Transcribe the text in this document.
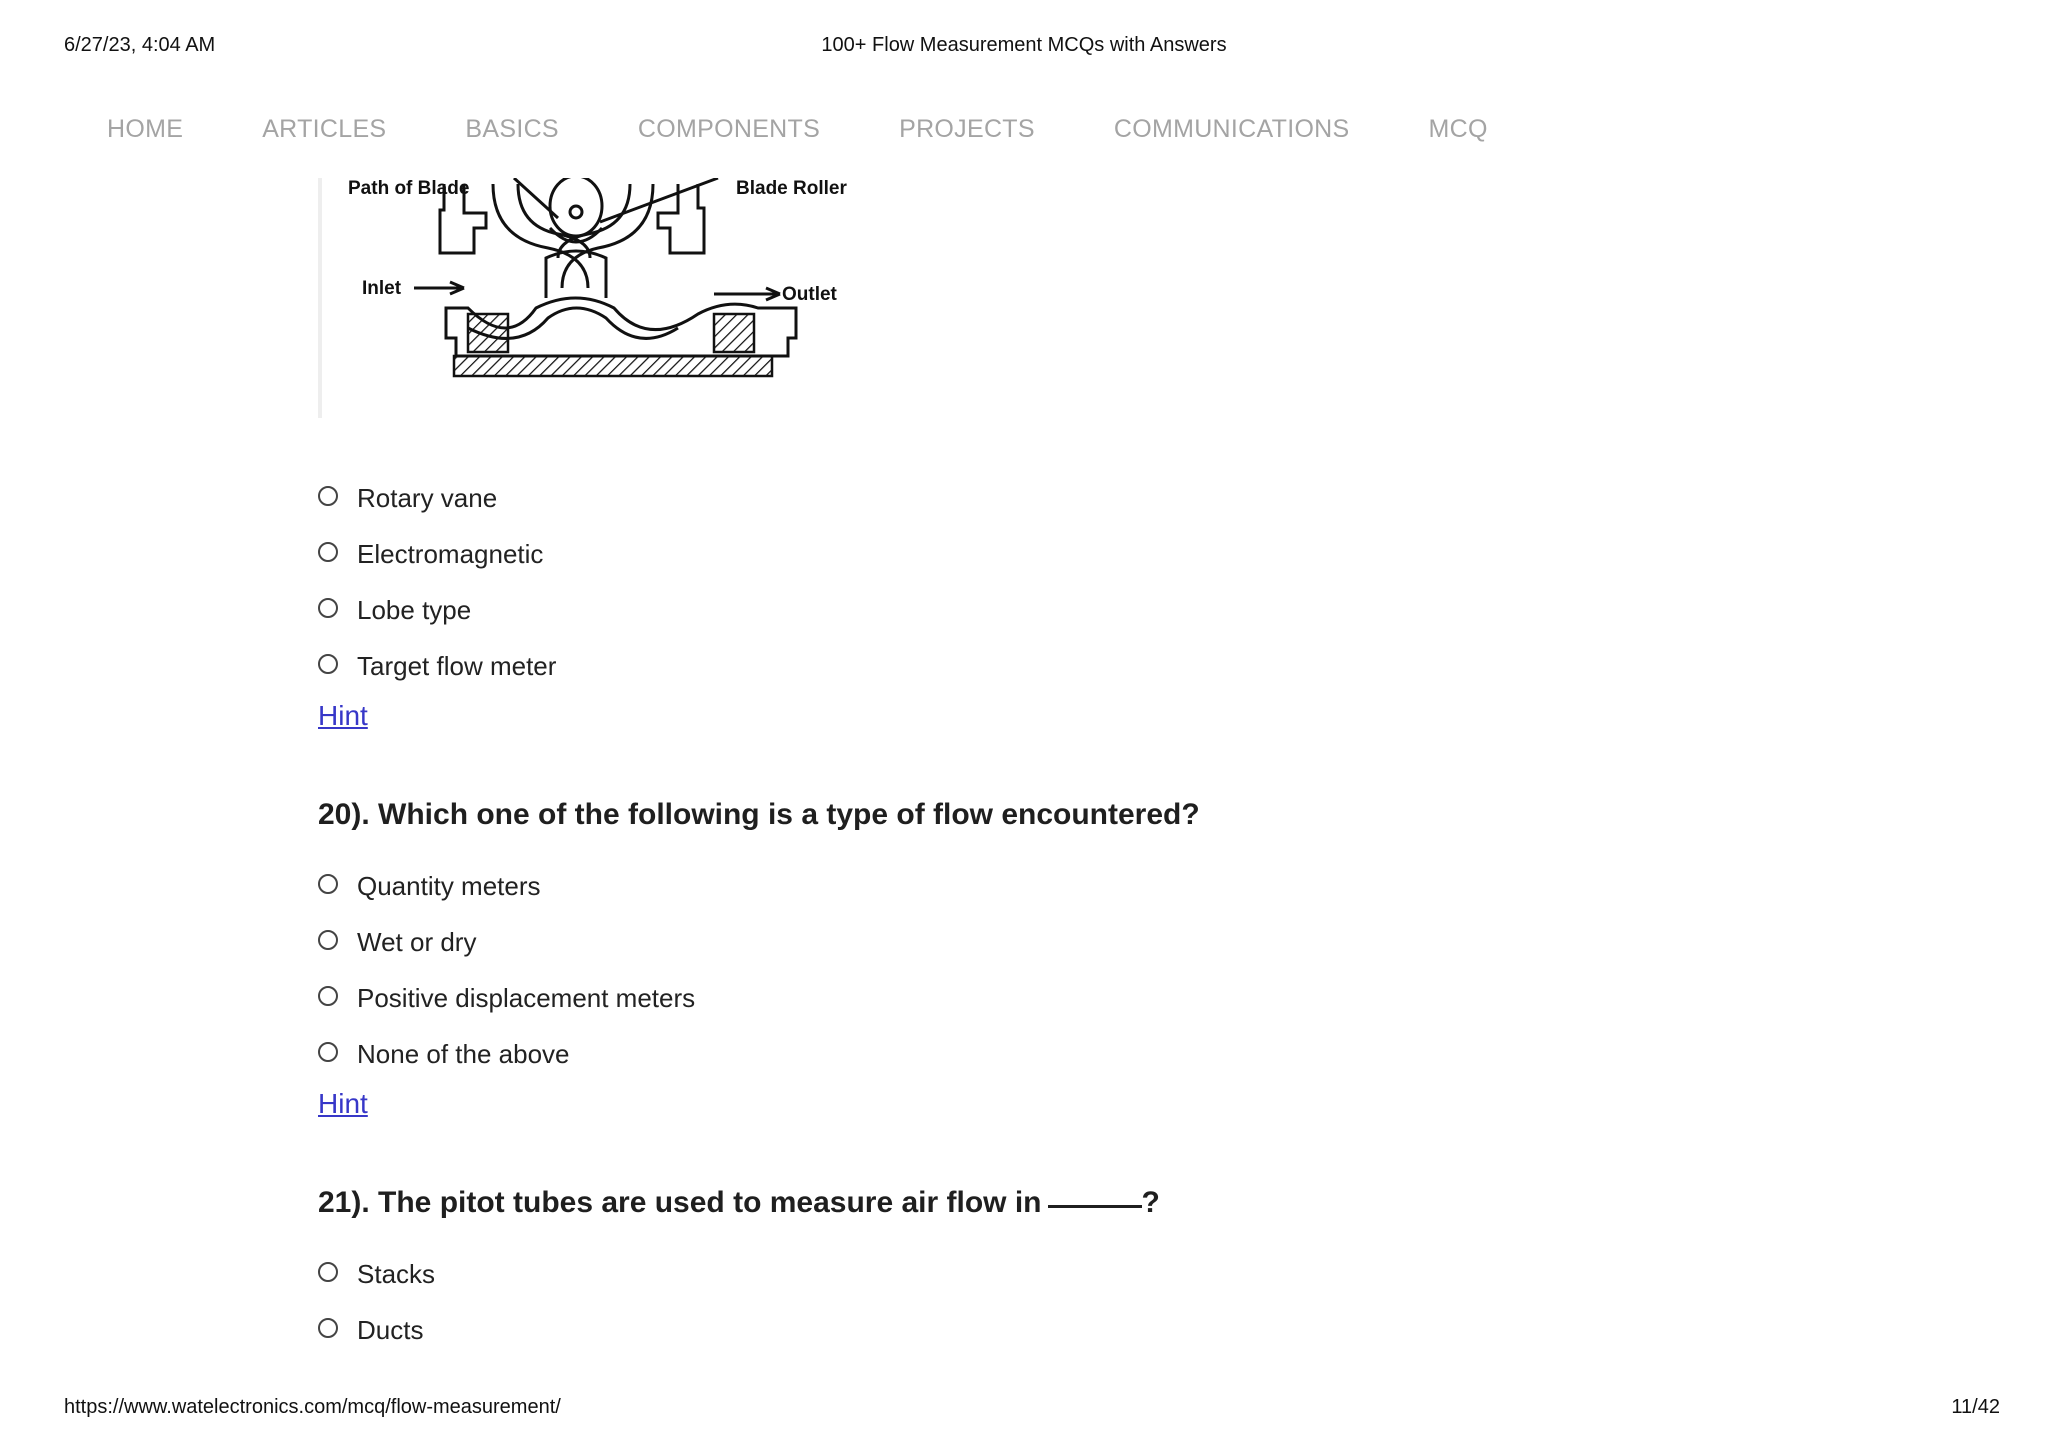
6/27/23, 4:04 AM	100+ Flow Measurement MCQs with Answers
HOME	ARTICLES	BASICS	COMPONENTS	PROJECTS	COMMUNICATIONS	MCQ
Path of Blade	Blade Roller
Inlet	Outlet
Rotary vane
Electromagnetic
Lobe type
Target flow meter
Hint
20). Which one of the following is a type of flow encountered?
Quantity meters
Wet or dry
Positive displacement meters
None of the above
Hint
21). The pitot tubes are used to measure air flow in	?
Stacks
Ducts
https://www.watelectronics.com/mcq/flow-measurement/	11/42
